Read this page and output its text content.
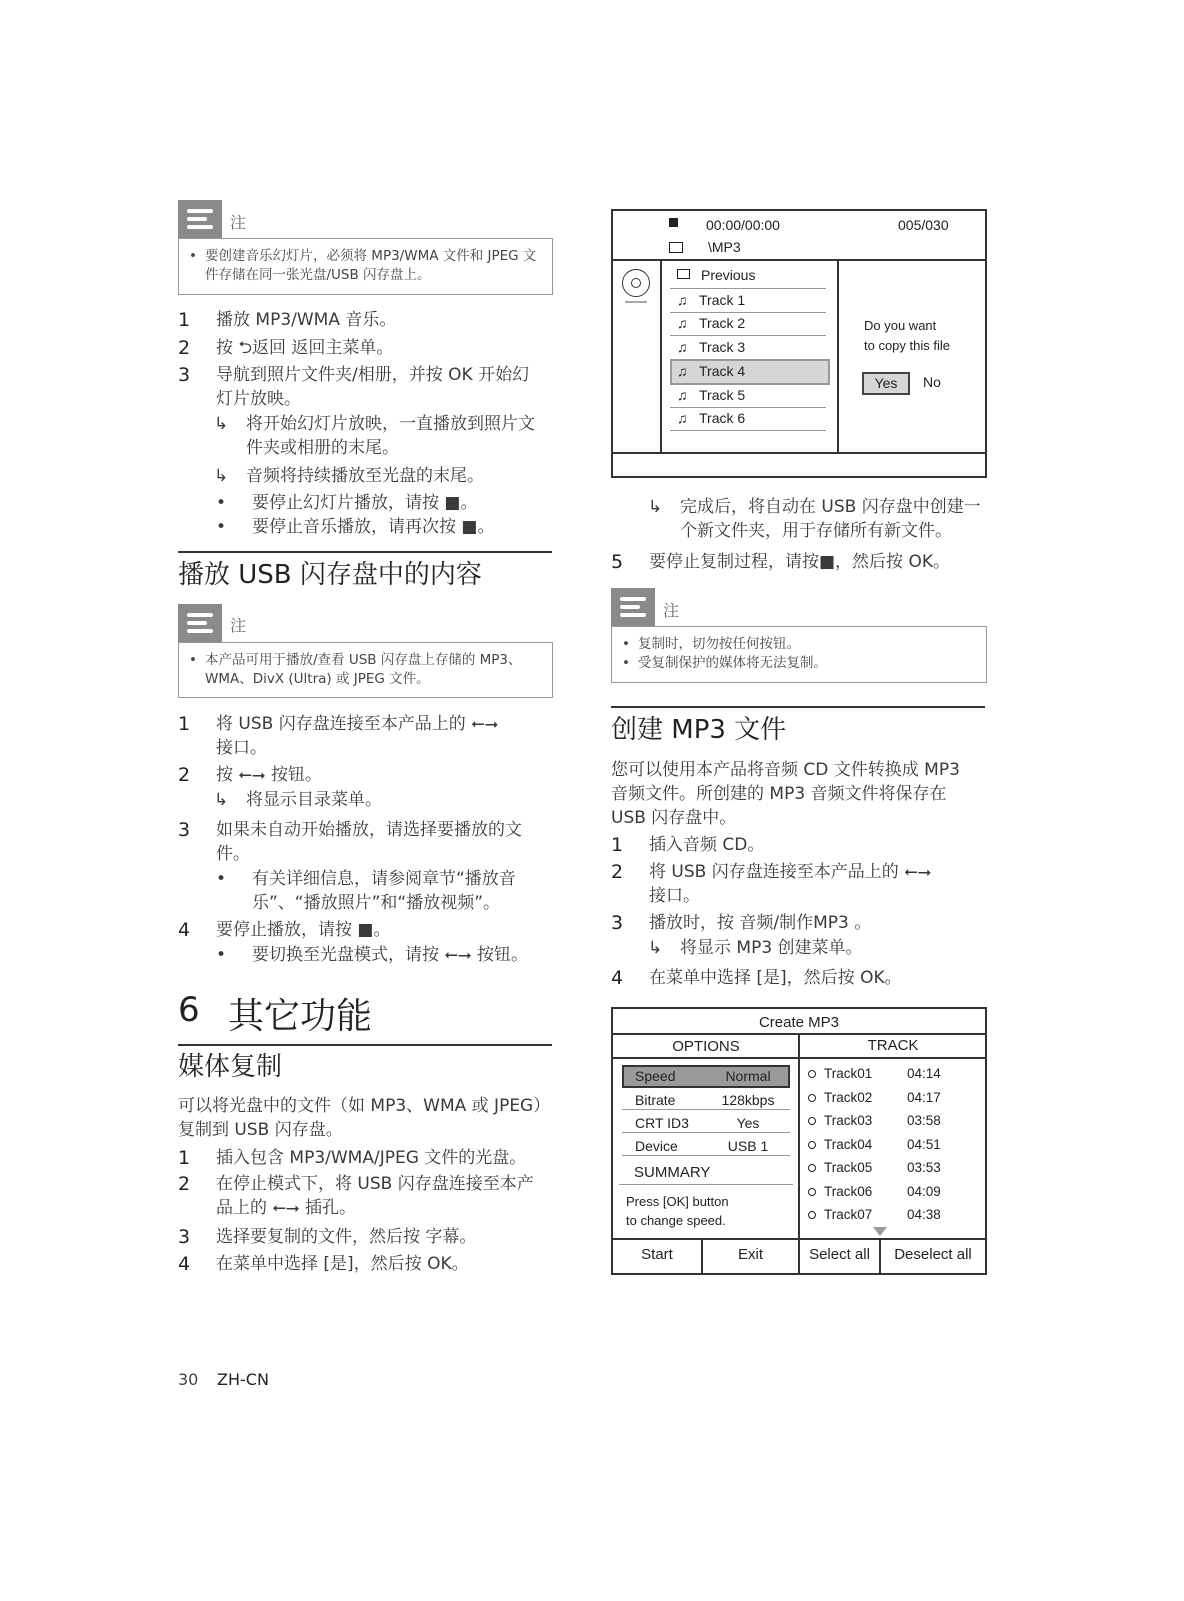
注
• 要创建音乐幻灯片，必须将 MP3/WMA 文件和 JPEG 文件存储在同一张光盘/USB 闪存盘上。
1 播放 MP3/WMA 音乐。
2 按 ⮌返回 返回主菜单。
3 导航到照片文件夹/相册，并按 OK 开始幻灯片放映。
↳ 将开始幻灯片放映，一直播放到照片文件夹或相册的末尾。
↳ 音频将持续播放至光盘的末尾。
• 要停止幻灯片播放，请按 ■。
• 要停止音乐播放，请再次按 ■。
播放 USB 闪存盘中的内容
注
• 本产品可用于播放/查看 USB 闪存盘上存储的 MP3、WMA、DivX (Ultra) 或 JPEG 文件。
1 将 USB 闪存盘连接至本产品上的 ⭠⭢ 接口。
2 按 ⭠⭢ 按钮。
↳ 将显示目录菜单。
3 如果未自动开始播放，请选择要播放的文件。
• 有关详细信息，请参阅章节“播放音乐”、“播放照片”和“播放视频”。
4 要停止播放，请按 ■。
• 要切换至光盘模式，请按 ⭠⭢ 按钮。
6 其它功能
媒体复制
可以将光盘中的文件（如 MP3、WMA 或 JPEG）复制到 USB 闪存盘。
1 插入包含 MP3/WMA/JPEG 文件的光盘。
2 在停止模式下，将 USB 闪存盘连接至本产品上的 ⭠⭢ 插孔。
3 选择要复制的文件，然后按 字幕。
4 在菜单中选择 [是]，然后按 OK。
00:00/00:00	005/030
\MP3
Previous
Do you want
to copy this file
Yes	No
♫ Track 1
♫ Track 2
♫ Track 3
♫ Track 4
♫ Track 5
♫ Track 6
↳ 完成后，将自动在 USB 闪存盘中创建一个新文件夹，用于存储所有新文件。
5 要停止复制过程，请按■，然后按 OK。
注
• 复制时，切勿按任何按钮。
• 受复制保护的媒体将无法复制。
创建 MP3 文件
您可以使用本产品将音频 CD 文件转换成 MP3 音频文件。所创建的 MP3 音频文件将保存在 USB 闪存盘中。
1 插入音频 CD。
2 将 USB 闪存盘连接至本产品上的 ⭠⭢ 接口。
3 播放时，按 音频/制作MP3 。
↳ 将显示 MP3 创建菜单。
4 在菜单中选择 [是]，然后按 OK。
Create MP3
OPTIONS	TRACK
SUMMARY
Press [OK] button
to change speed.
Start	Exit	Select all	Deselect all
Speed	Normal
Bitrate	128kbps
CRT ID3	Yes
Device	USB 1
Track01	04:14
Track02	04:17
Track03	03:58
Track04	04:51
Track05	03:53
Track06	04:09
Track07	04:38
30 ZH-CN
